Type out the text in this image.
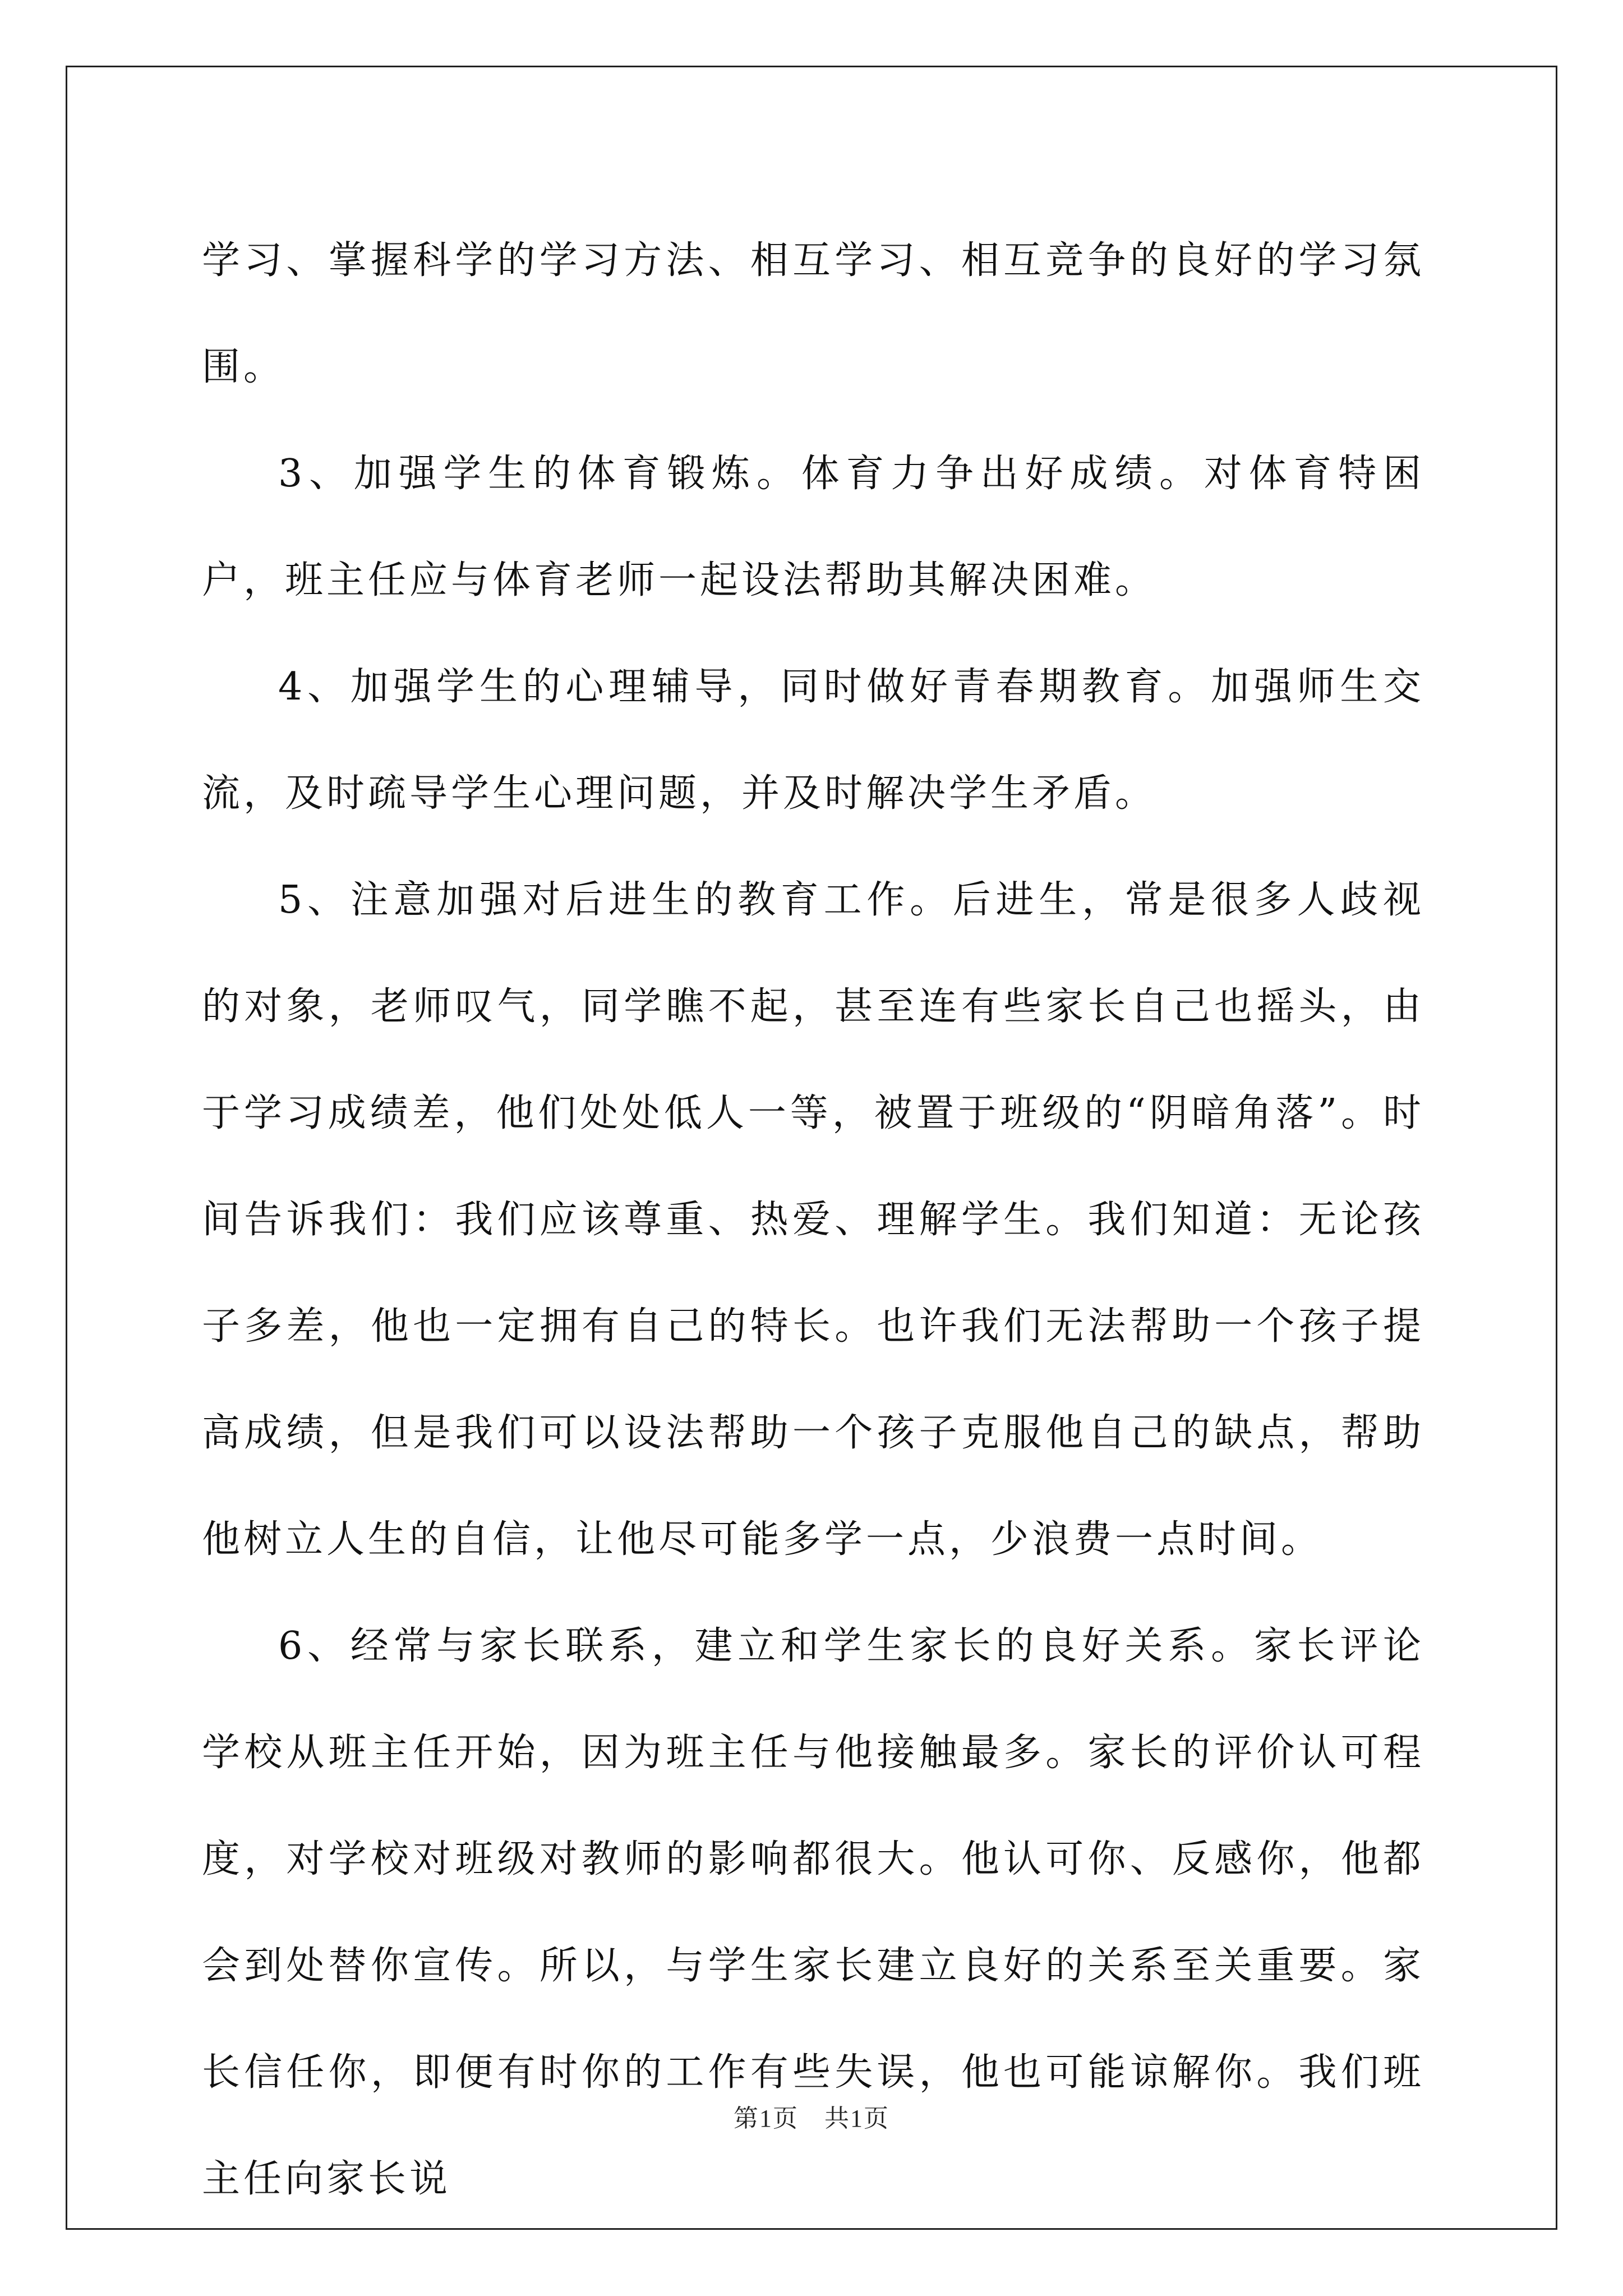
学习、掌握科学的学习方法、相互学习、相互竞争的良好的学习氛围。

3、加强学生的体育锻炼。体育力争出好成绩。对体育特困户，班主任应与体育老师一起设法帮助其解决困难。

4、加强学生的心理辅导，同时做好青春期教育。加强师生交流，及时疏导学生心理问题，并及时解决学生矛盾。

5、注意加强对后进生的教育工作。后进生，常是很多人歧视的对象，老师叹气，同学瞧不起，甚至连有些家长自己也摇头，由于学习成绩差，他们处处低人一等，被置于班级的“阴暗角落”。时间告诉我们：我们应该尊重、热爱、理解学生。我们知道：无论孩子多差，他也一定拥有自己的特长。也许我们无法帮助一个孩子提高成绩，但是我们可以设法帮助一个孩子克服他自己的缺点，帮助他树立人生的自信，让他尽可能多学一点，少浪费一点时间。

6、经常与家长联系，建立和学生家长的良好关系。家长评论学校从班主任开始，因为班主任与他接触最多。家长的评价认可程度，对学校对班级对教师的影响都很大。他认可你、反感你，他都会到处替你宣传。所以，与学生家长建立良好的关系至关重要。家长信任你，即便有时你的工作有些失误，他也可能谅解你。我们班主任向家长说

第1页　共1页
